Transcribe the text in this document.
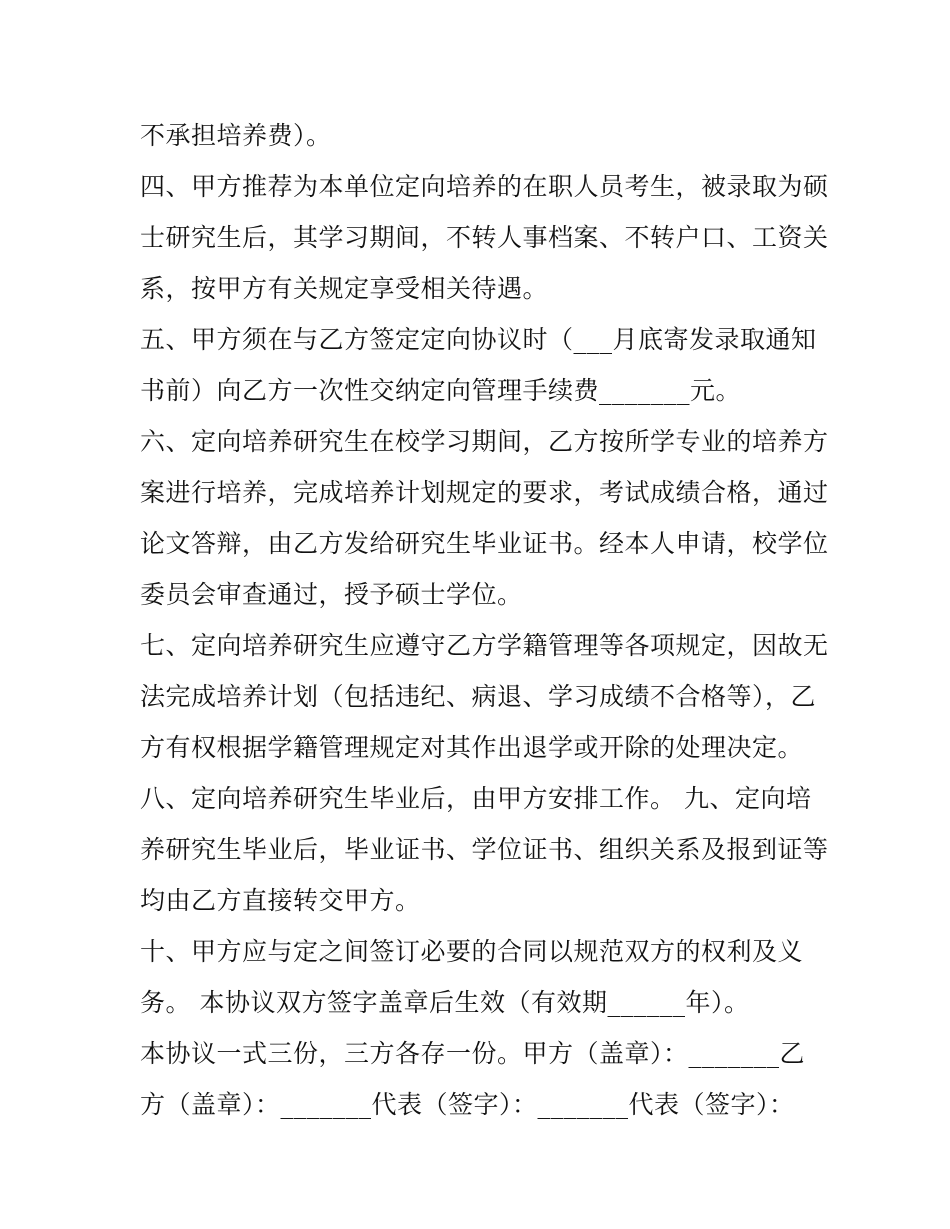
不承担培养费）。
四、甲方推荐为本单位定向培养的在职人员考生，被录取为硕
士研究生后，其学习期间，不转人事档案、不转户口、工资关
系，按甲方有关规定享受相关待遇。
五、甲方须在与乙方签定定向协议时（___月底寄发录取通知
书前）向乙方一次性交纳定向管理手续费_______元。
六、定向培养研究生在校学习期间，乙方按所学专业的培养方
案进行培养，完成培养计划规定的要求，考试成绩合格，通过
论文答辩，由乙方发给研究生毕业证书。经本人申请，校学位
委员会审查通过，授予硕士学位。
七、定向培养研究生应遵守乙方学籍管理等各项规定，因故无
法完成培养计划（包括违纪、病退、学习成绩不合格等），乙
方有权根据学籍管理规定对其作出退学或开除的处理决定。
八、定向培养研究生毕业后，由甲方安排工作。 九、定向培
养研究生毕业后，毕业证书、学位证书、组织关系及报到证等
均由乙方直接转交甲方。
十、甲方应与定之间签订必要的合同以规范双方的权利及义
务。 本协议双方签字盖章后生效（有效期______年）。
本协议一式三份，三方各存一份。甲方（盖章）：_______乙
方（盖章）：_______代表（签字）：_______代表（签字）：
